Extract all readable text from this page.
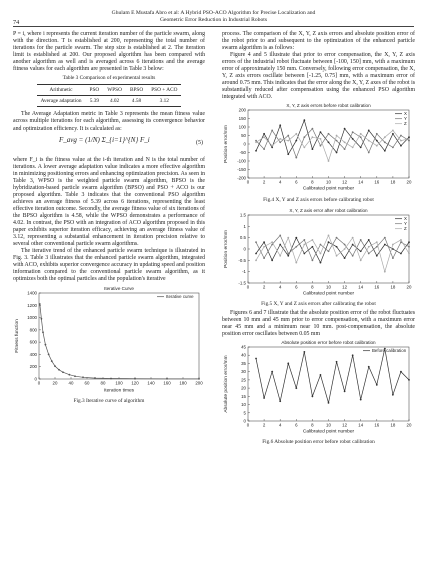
74
Ghulam E Mustafa Abro et al: A Hybrid PSO-ACO Algorithm for Precise Localization and
Geometric Error Reduction in Industrial Robots

P = i, where i represents the current iteration number of the particle swarm, along with the direction. T is established at 200, representing the total number of iterations for the particle swarm. The step size is established at 2. The iteration limit is established at 200. Our proposed algorithm has been compared with another algorithm as well and is averaged across 6 iterations and the average fitness values for each algorithm are presented in Table 3 below:

Table 3 Comparison of experimental results
Arithmetic	PSO	WPSO	BPSO	PSO + ACO
Average adaptation	5.39	4.02	4.58	3.12

The Average Adaptation metric in Table 3 represents the mean fitness value across multiple iterations for each algorithm, assessing its convergence behavior and optimization efficiency. It is calculated as:

F_avg = (1/N) Σ_{i=1}^{N} F_i	(5)

where F_i is the fitness value at the i-th iteration and N is the total number of iterations. A lower average adaptation value indicates a more effective algorithm in minimizing positioning errors and enhancing optimization precision. As seen in Table 3, WPSO is the weighted particle swarm algorithm, BPSO is the hybridization-based particle swarm algorithm (BPSO) and PSO + ACO is our proposed algorithm. Table 3 indicates that the conventional PSO algorithm achieves an average fitness of 5.39 across 6 iterations, representing the least effective iteration outcome. Secondly, the average fitness value of six iterations of the BPSO algorithm is 4.58, while the WPSO demonstrates a performance of 4.02. In contrast, the PSO with an integration of ACO algorithm proposed in this paper exhibits superior iteration efficacy, achieving an average fitness value of 3.12, representing a substantial enhancement in iteration precision relative to several other conventional particle swarm algorithms.

The iterative trend of the enhanced particle swarm technique is illustrated in Fig. 3. Table 3 illustrates that the enhanced particle swarm algorithm, integrated with ACO, exhibits superior convergence accuracy in updating speed and position information compared to the conventional particle swarm algorithm, as it optimizes both the optimal particles and the population's iterative

Iterative Curve
0	20	40	60	80 100 120 140 160 180 200
0
200
400
600
800
1000
1200
1400
Iteration times
Fitness function
Iterative curve
Fig.3 Iterative curve of algorithm

process. The comparison of the X, Y, Z axis errors and absolute position error of the robot prior to and subsequent to the optimization of the enhanced particle swarm algorithm is as follows:

Figure 4 and 5 illustrate that prior to error compensation, the X, Y, Z axis errors of the industrial robot fluctuate between [-100, 150] mm, with a maximum error of approximately 150 mm. Conversely, following error compensation, the X, Y, Z axis errors oscillate between [-1.25, 0.75] mm, with a maximum error of around 0.75 mm. This indicates that the error along the X, Y, Z axes of the robot is substantially reduced after compensation using the enhanced PSO algorithm integrated with ACO.

X, Y, Z axis errors before robot calibration
0	2	4	6	8	10	12	14	16	18	20
-200
-150
-100
-50
0
50
100
150
200
Calibrated point number
Position error/mm
X
Y
Z
Fig.4 X, Y and Z axis errors before calibrating robot
X, Y, Z axis error after robot calibration
0	2	4	6	8	10	12	14	16	18	20
-1.5
-1
-0.5
0
0.5
1
1.5
Calibrated point number
Position error/mm
X
Y
Z
Fig.5 X, Y and Z axis errors after calibrating the robot

Figures 6 and 7 illustrate that the absolute position error of the robot fluctuates between 10 mm and 45 mm prior to error compensation, with a maximum error near 45 mm and a minimum near 10 mm. post-compensation, the absolute position error oscillates between 0.05 mm

Absolute position error before robot calibration
0	2	4	6	8	10	12	14	16	18	20
0
5
10
15
20
25
30
35
40
45
Calibrated point number
Absolute position error/mm
Before calibration
Fig.6 Absolute position error before robot calibration
